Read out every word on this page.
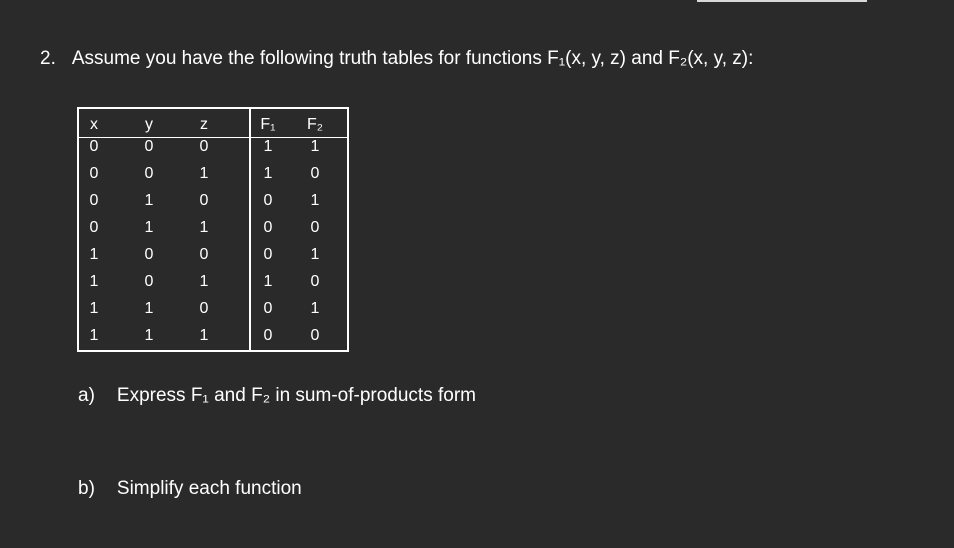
2. Assume you have the following truth tables for functions F₁(x, y, z) and F₂(x, y, z):
x	y	z	F₁	F₂
0	0	0	1	1
0	0	1	1	0
0	1	0	0	1
0	1	1	0	0
1	0	0	0	1
1	0	1	1	0
1	1	0	0	1
1	1	1	0	0
a) Express F₁ and F₂ in sum-of-products form
b) Simplify each function
